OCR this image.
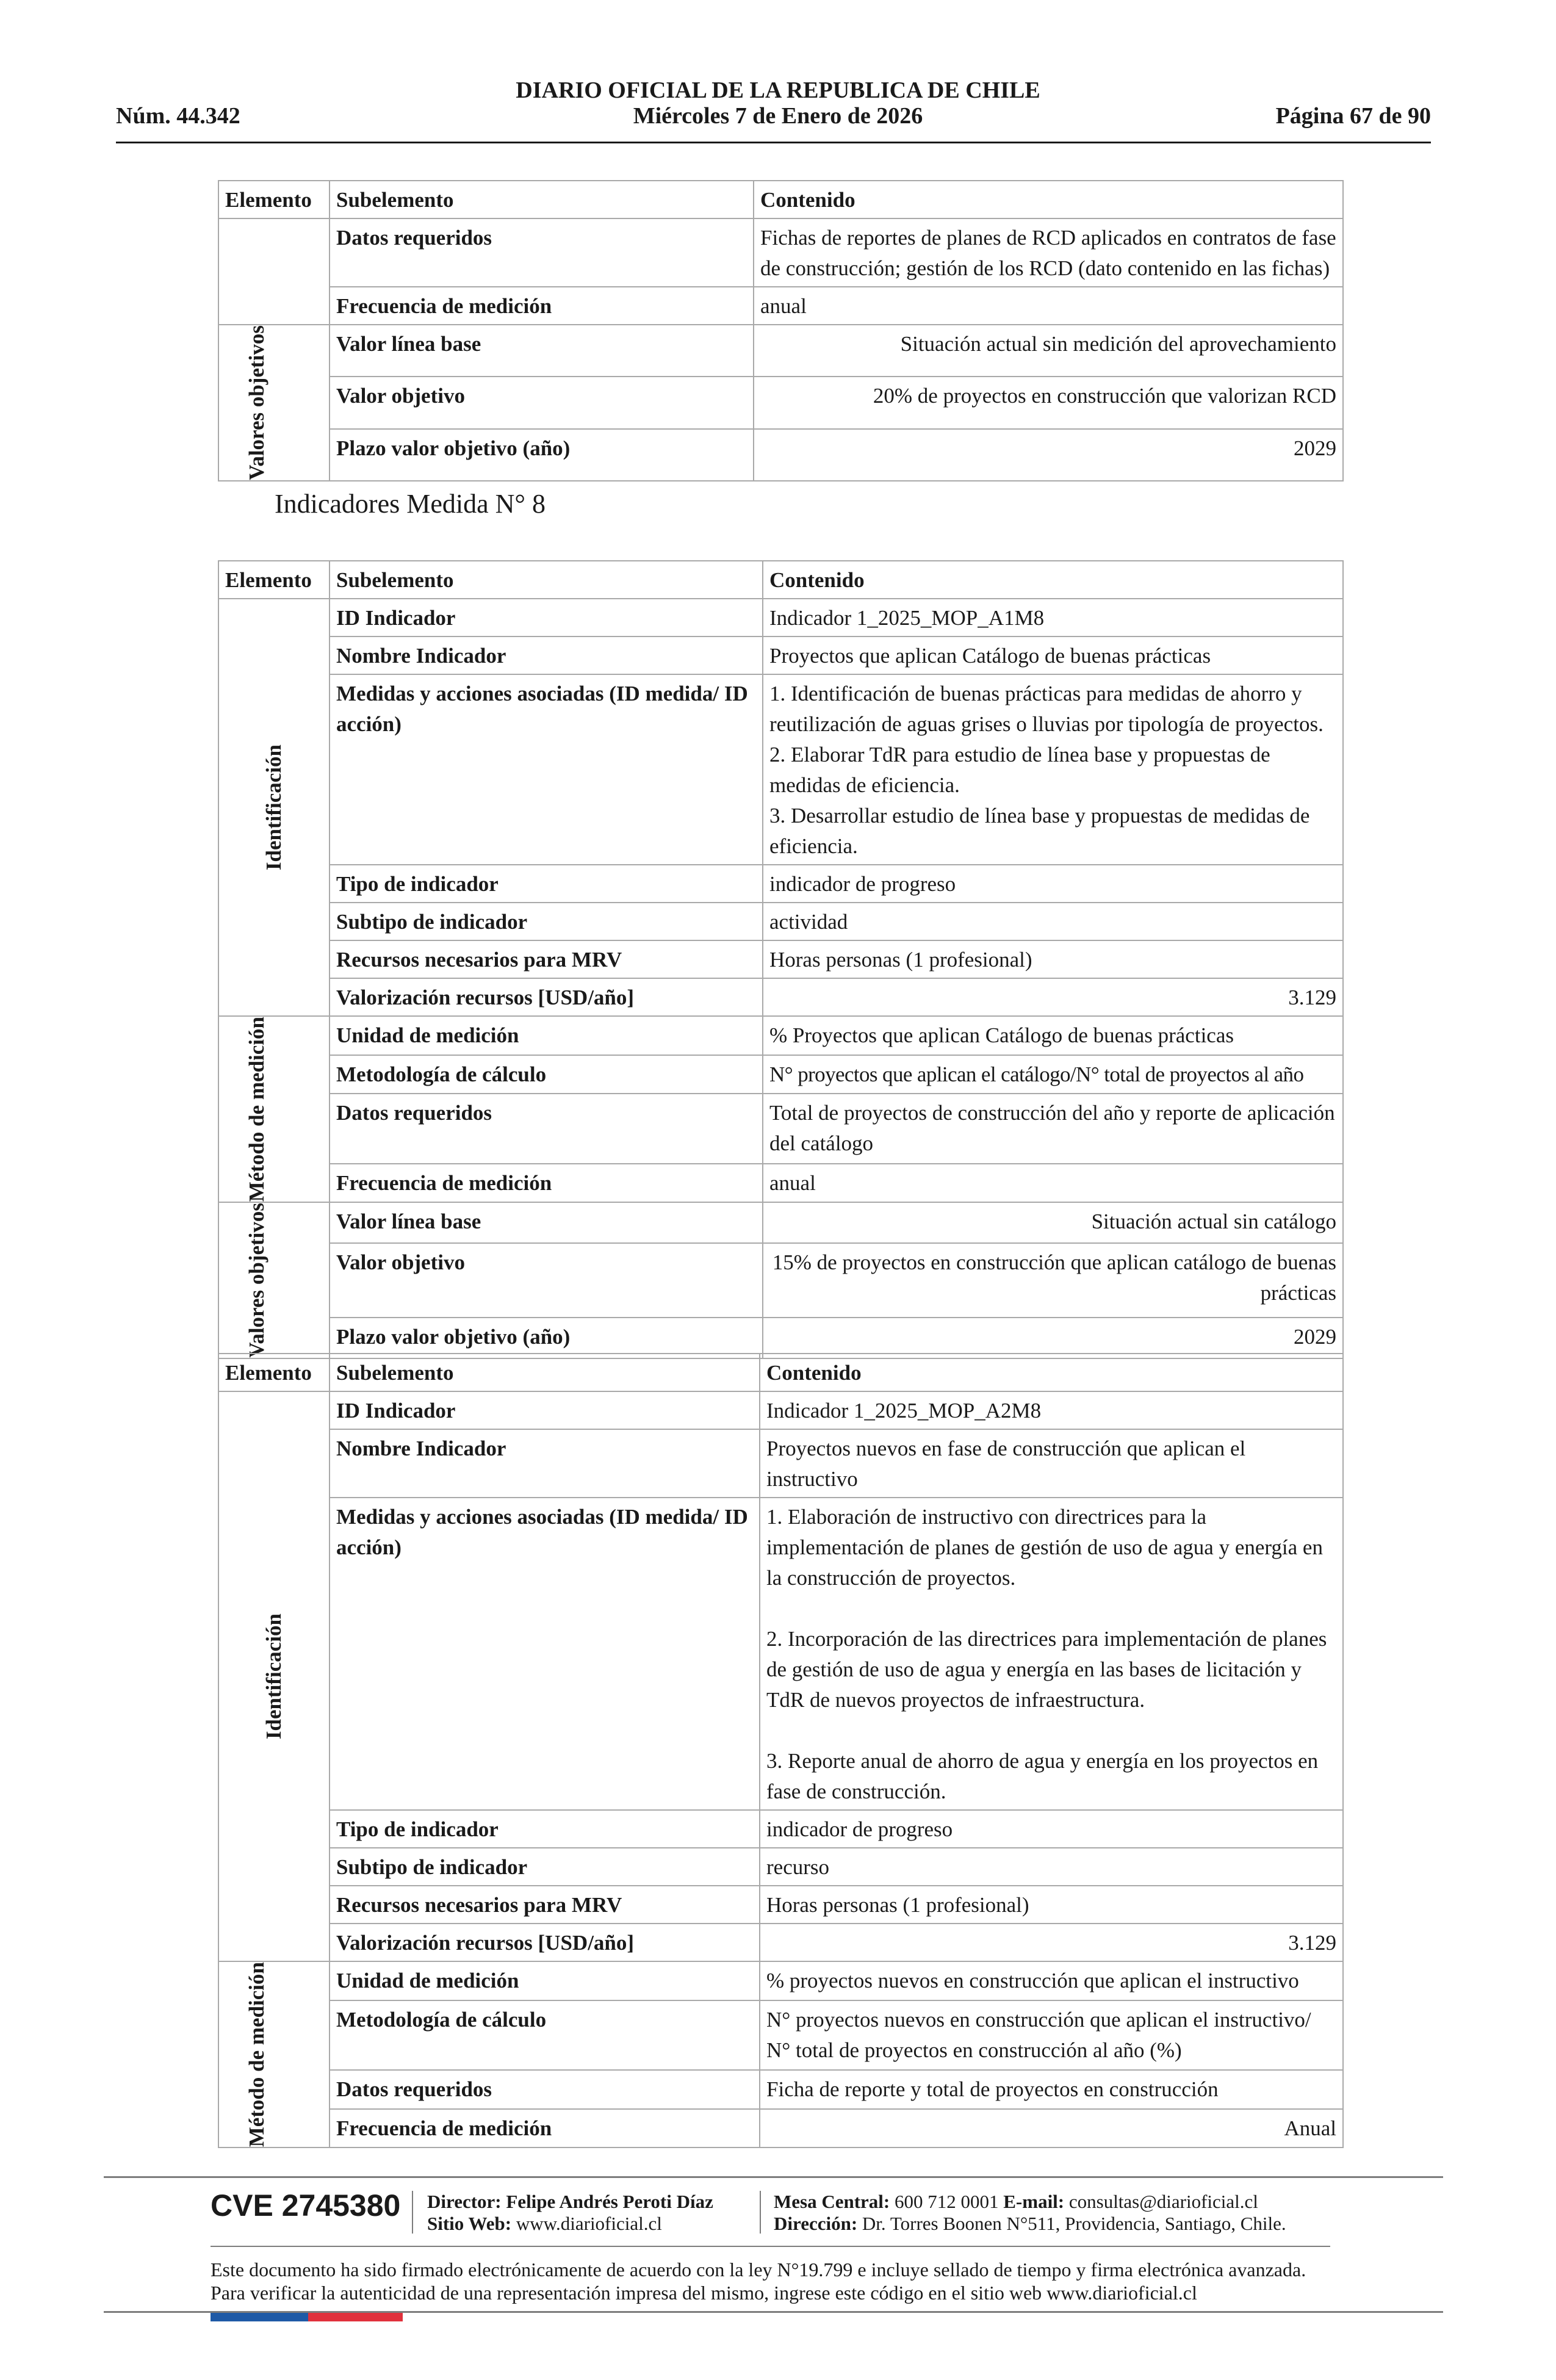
DIARIO OFICIAL DE LA REPUBLICA DE CHILE
Núm. 44.342	Miércoles 7 de Enero de 2026	Página 67 de 90
Elemento	Subelemento	Contenido
	Datos requeridos	Fichas de reportes de planes de RCD aplicados en contratos de fase de construcción; gestión de los RCD (dato contenido en las fichas)
	Frecuencia de medición	anual

Valores objetivos	Valor línea base	Situación actual sin medición del aprovechamiento
	Valor objetivo	20% de proyectos en construcción que valorizan RCD
	Plazo valor objetivo (año)	2029
Indicadores Medida N° 8
Elemento	Subelemento	Contenido

Identificación	ID Indicador	Indicador 1_2025_MOP_A1M8
	Nombre Indicador	Proyectos que aplican Catálogo de buenas prácticas
	Medidas y acciones asociadas (ID medida/ ID acción)	1. Identificación de buenas prácticas para medidas de ahorro y reutilización de aguas grises o lluvias por tipología de proyectos.
2. Elaborar TdR para estudio de línea base y propuestas de medidas de eficiencia.
3. Desarrollar estudio de línea base y propuestas de medidas de eficiencia.

	Tipo de indicador	indicador de progreso
	Subtipo de indicador	actividad
	Recursos necesarios para MRV	Horas personas (1 profesional)
	Valorización recursos [USD/año]	3.129

Método de medición	Unidad de medición	% Proyectos que aplican Catálogo de buenas prácticas
	Metodología de cálculo	N° proyectos que aplican el catálogo/N° total de proyectos al año
	Datos requeridos	Total de proyectos de construcción del año y reporte de aplicación del catálogo
	Frecuencia de medición	anual

Valores objetivos	Valor línea base	Situación actual sin catálogo
	Valor objetivo	15% de proyectos en construcción que aplican catálogo de buenas prácticas
	Plazo valor objetivo (año)	2029
Elemento	Subelemento	Contenido

Identificación	ID Indicador	Indicador 1_2025_MOP_A2M8
	Nombre Indicador	Proyectos nuevos en fase de construcción que aplican el instructivo
	Medidas y acciones asociadas (ID medida/ ID acción)	1. Elaboración de instructivo con directrices para la implementación de planes de gestión de uso de agua y energía en la construcción de proyectos.
2. Incorporación de las directrices para implementación de planes de gestión de uso de agua y energía en las bases de licitación y TdR de nuevos proyectos de infraestructura.
3. Reporte anual de ahorro de agua y energía en los proyectos en fase de construcción.

	Tipo de indicador	indicador de progreso
	Subtipo de indicador	recurso
	Recursos necesarios para MRV	Horas personas (1 profesional)
	Valorización recursos [USD/año]	3.129

Método de medición	Unidad de medición	% proyectos nuevos en construcción que aplican el instructivo
	Metodología de cálculo	N° proyectos nuevos en construcción que aplican el instructivo/ N° total de proyectos en construcción al año (%)
	Datos requeridos	Ficha de reporte y total de proyectos en construcción
	Frecuencia de medición	Anual
CVE 2745380 Director: Felipe Andrés Peroti Díaz
Sitio Web: www.diarioficial.cl
Mesa Central: 600 712 0001 E-mail: consultas@diarioficial.cl
Dirección: Dr. Torres Boonen N°511, Providencia, Santiago, Chile.
Este documento ha sido firmado electrónicamente de acuerdo con la ley N°19.799 e incluye sellado de tiempo y firma electrónica avanzada. Para verificar la autenticidad de una representación impresa del mismo, ingrese este código en el sitio web www.diarioficial.cl
